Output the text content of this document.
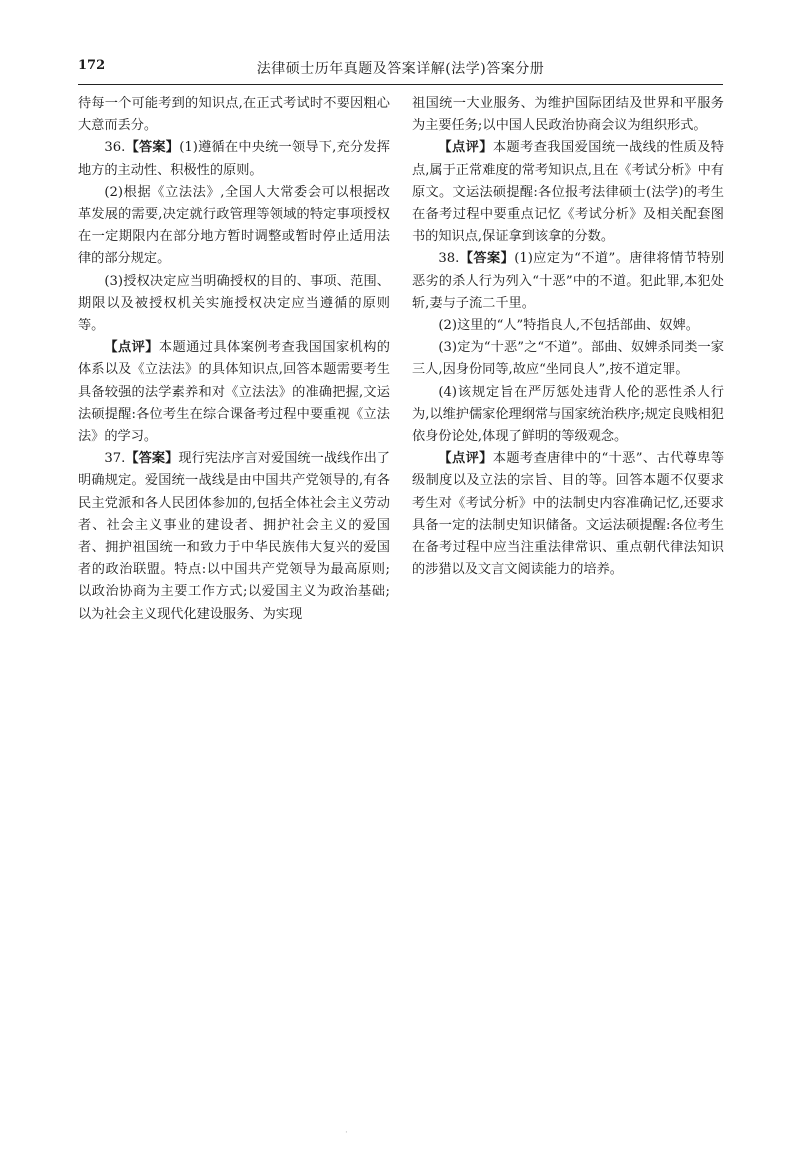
172	法律硕士历年真题及答案详解(法学)答案分册

待每一个可能考到的知识点,在正式考试时不要因粗心大意而丢分。

36.【答案】(1)遵循在中央统一领导下,充分发挥地方的主动性、积极性的原则。

(2)根据《立法法》,全国人大常委会可以根据改革发展的需要,决定就行政管理等领域的特定事项授权在一定期限内在部分地方暂时调整或暂时停止适用法律的部分规定。

(3)授权决定应当明确授权的目的、事项、范围、期限以及被授权机关实施授权决定应当遵循的原则等。

【点评】本题通过具体案例考查我国国家机构的体系以及《立法法》的具体知识点,回答本题需要考生具备较强的法学素养和对《立法法》的准确把握,文运法硕提醒:各位考生在综合课备考过程中要重视《立法法》的学习。

37.【答案】现行宪法序言对爱国统一战线作出了明确规定。爱国统一战线是由中国共产党领导的,有各民主党派和各人民团体参加的,包括全体社会主义劳动者、社会主义事业的建设者、拥护社会主义的爱国者、拥护祖国统一和致力于中华民族伟大复兴的爱国者的政治联盟。特点:以中国共产党领导为最高原则;以政治协商为主要工作方式;以爱国主义为政治基础;以为社会主义现代化建设服务、为实现

祖国统一大业服务、为维护国际团结及世界和平服务为主要任务;以中国人民政治协商会议为组织形式。

【点评】本题考查我国爱国统一战线的性质及特点,属于正常难度的常考知识点,且在《考试分析》中有原文。文运法硕提醒:各位报考法律硕士(法学)的考生在备考过程中要重点记忆《考试分析》及相关配套图书的知识点,保证拿到该拿的分数。

38.【答案】(1)应定为“不道”。唐律将情节特别恶劣的杀人行为列入“十恶”中的不道。犯此罪,本犯处斩,妻与子流二千里。

(2)这里的“人”特指良人,不包括部曲、奴婢。

(3)定为“十恶”之“不道”。部曲、奴婢杀同类一家三人,因身份同等,故应“坐同良人”,按不道定罪。

(4)该规定旨在严厉惩处违背人伦的恶性杀人行为,以维护儒家伦理纲常与国家统治秩序;规定良贱相犯依身份论处,体现了鲜明的等级观念。

【点评】本题考查唐律中的“十恶”、古代尊卑等级制度以及立法的宗旨、目的等。回答本题不仅要求考生对《考试分析》中的法制史内容准确记忆,还要求具备一定的法制史知识储备。文运法硕提醒:各位考生在备考过程中应当注重法律常识、重点朝代律法知识的涉猎以及文言文阅读能力的培养。

·
